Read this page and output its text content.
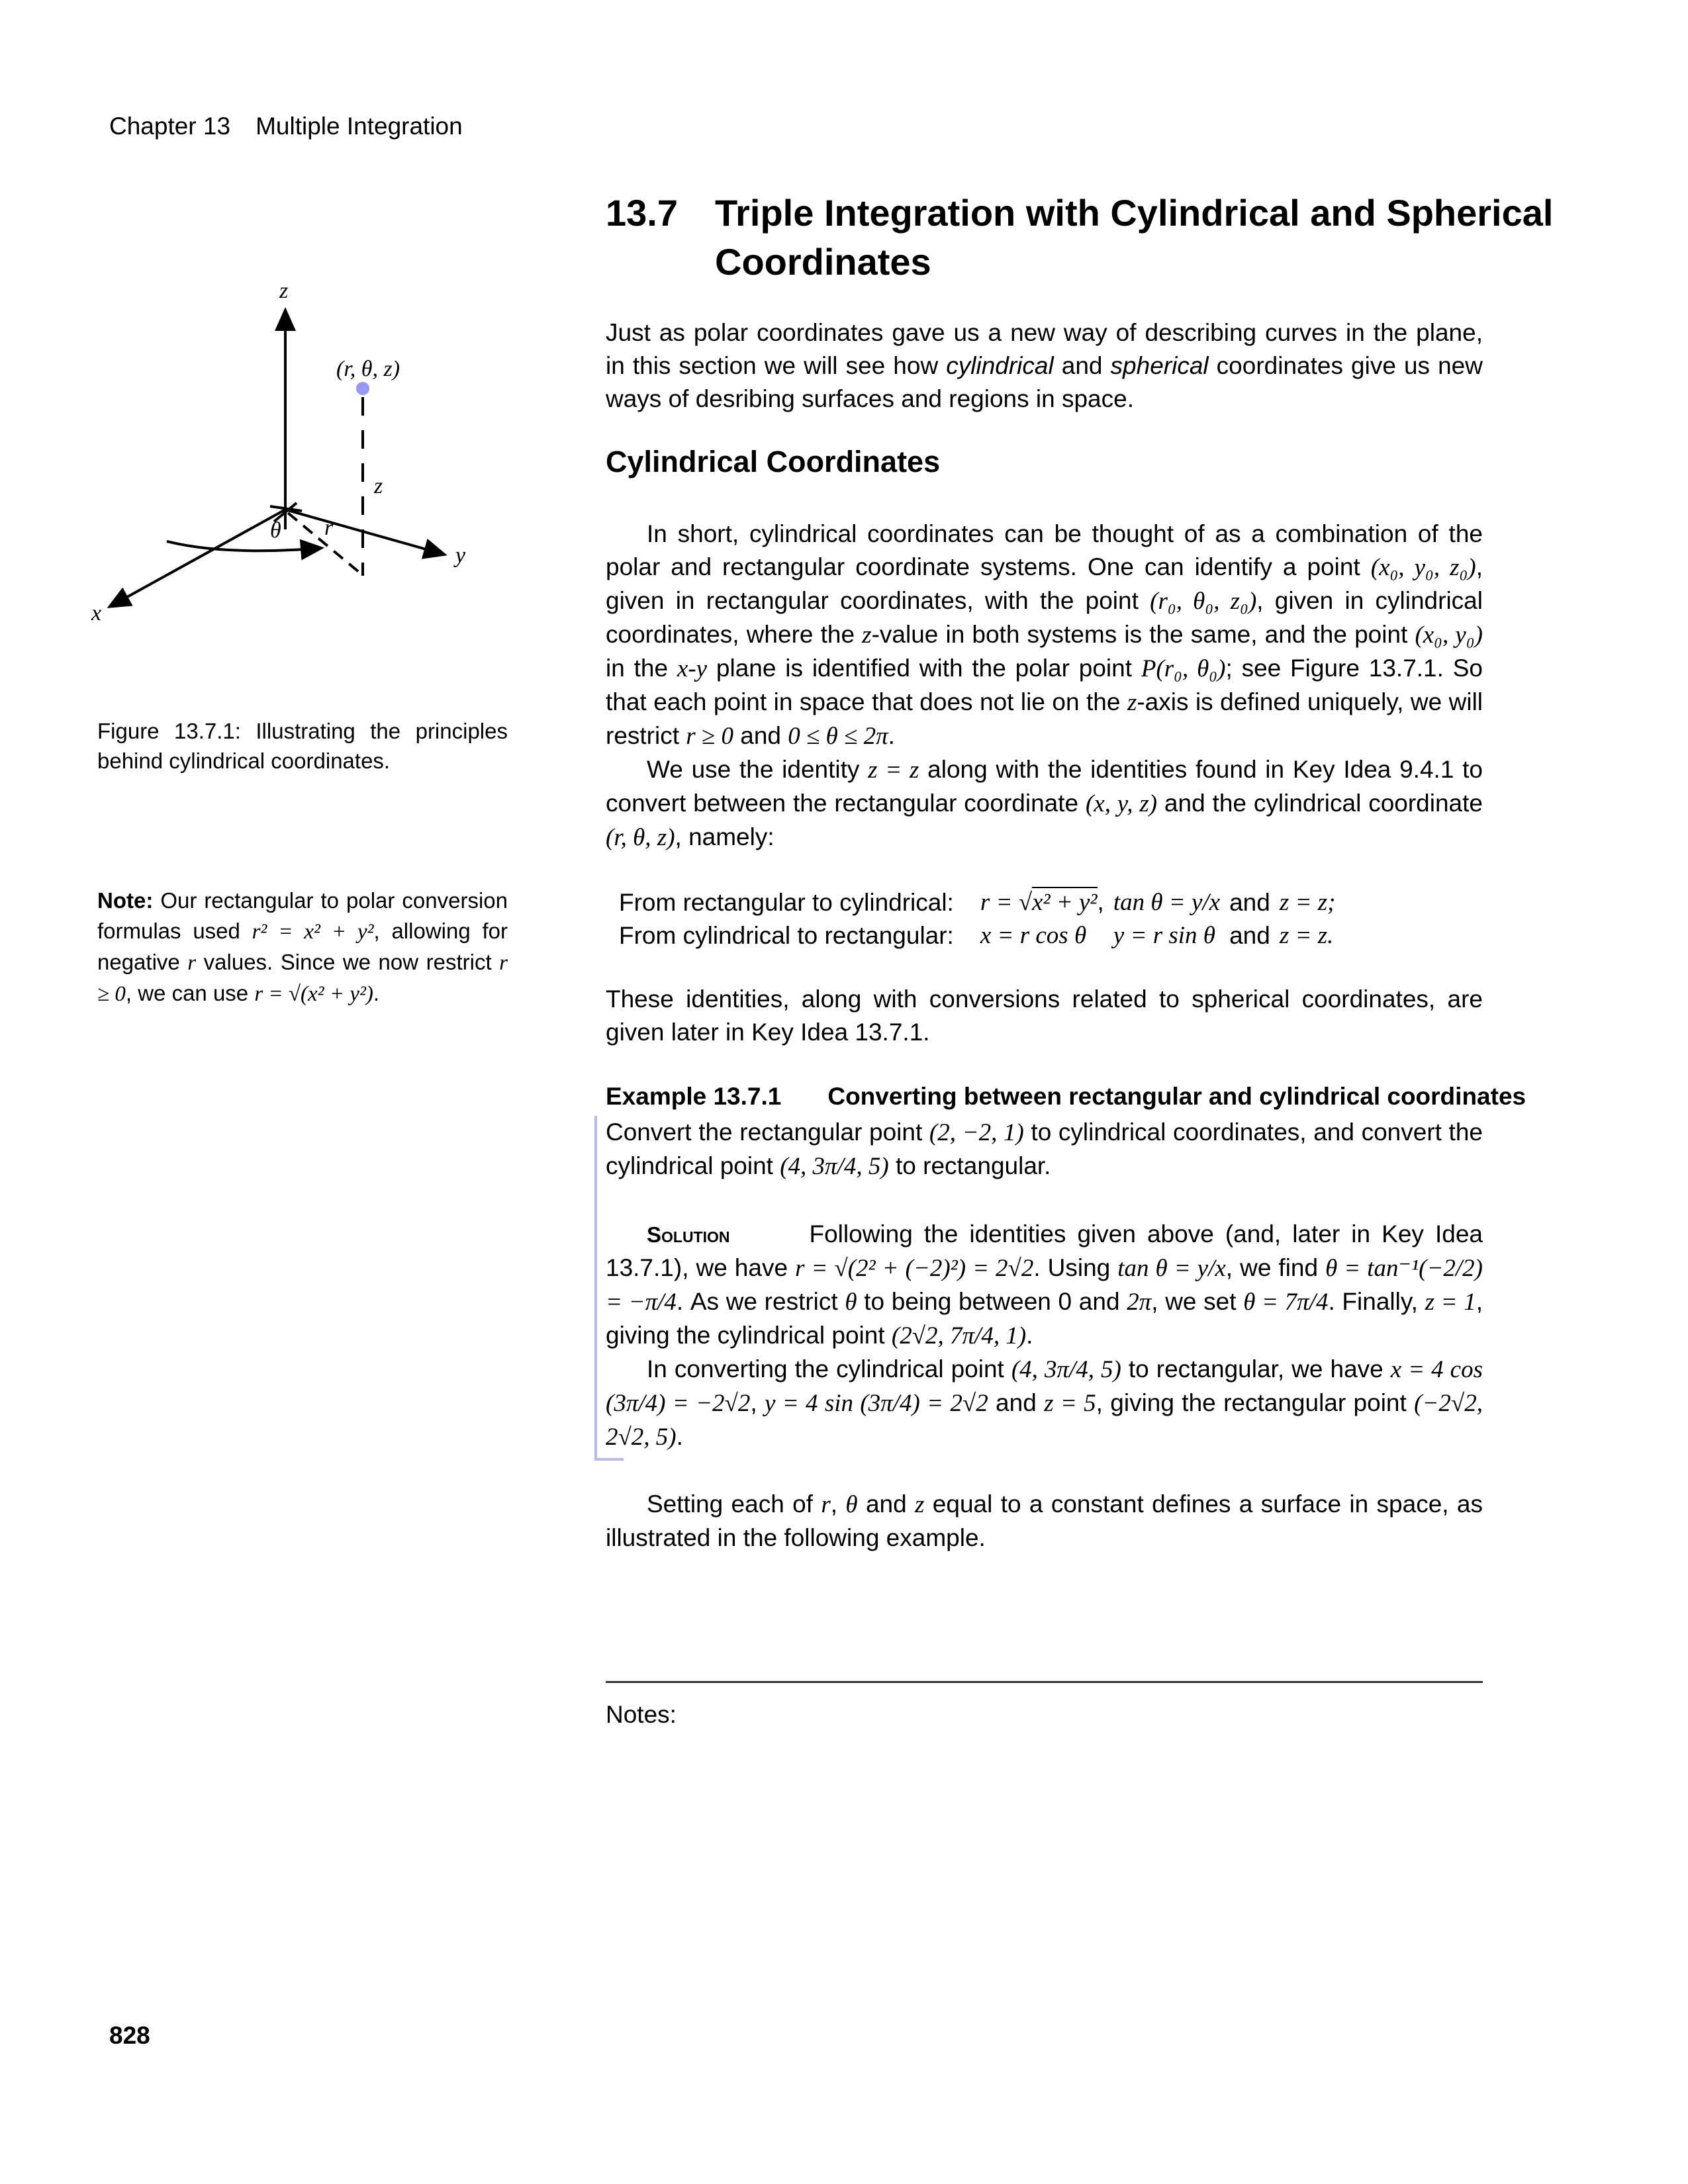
Chapter 13 Multiple Integration
13.7 Triple Integration with Cylindrical and Spherical
Coordinates
Just as polar coordinates gave us a new way of describing curves in the plane, in this section we will see how cylindrical and spherical coordinates give us new ways of desribing surfaces and regions in space.
Cylindrical Coordinates
In short, cylindrical coordinates can be thought of as a combination of the polar and rectangular coordinate systems. One can identify a point (x₀, y₀, z₀), given in rectangular coordinates, with the point (r₀, θ₀, z₀), given in cylindrical coordinates, where the z-value in both systems is the same, and the point (x₀, y₀) in the x-y plane is identified with the polar point P(r₀, θ₀); see Figure 13.7.1. So that each point in space that does not lie on the z-axis is defined uniquely, we will restrict r ≥ 0 and 0 ≤ θ ≤ 2π.
We use the identity z = z along with the identities found in Key Idea 9.4.1 to convert between the rectangular coordinate (x, y, z) and the cylindrical coordinate (r, θ, z), namely:
From rectangular to cylindrical:	r = √x² + y²,	tan θ = y/x	and	z = z;
From cylindrical to rectangular:	x = r cos θ	y = r sin θ	and	z = z.
These identities, along with conversions related to spherical coordinates, are given later in Key Idea 13.7.1.
Example 13.7.1 Converting between rectangular and cylindrical coordinates
Convert the rectangular point (2, −2, 1) to cylindrical coordinates, and convert the cylindrical point (4, 3π/4, 5) to rectangular.
Solution	Following the identities given above (and, later in Key Idea 13.7.1), we have r = √(2² + (−2)²) = 2√2. Using tan θ = y/x, we find θ = tan⁻¹(−2/2) = −π/4. As we restrict θ to being between 0 and 2π, we set θ = 7π/4. Finally, z = 1, giving the cylindrical point (2√2, 7π/4, 1).
In converting the cylindrical point (4, 3π/4, 5) to rectangular, we have x = 4 cos (3π/4) = −2√2, y = 4 sin (3π/4) = 2√2 and z = 5, giving the rectangular point (−2√2, 2√2, 5).
Setting each of r, θ and z equal to a constant defines a surface in space, as illustrated in the following example.
Notes:
z
x
y
(r, θ, z)
z
r
θ
Figure 13.7.1: Illustrating the principles behind cylindrical coordinates.
Note: Our rectangular to polar conversion formulas used r² = x² + y², allowing for negative r values. Since we now restrict r ≥ 0, we can use r = √(x² + y²).
828
